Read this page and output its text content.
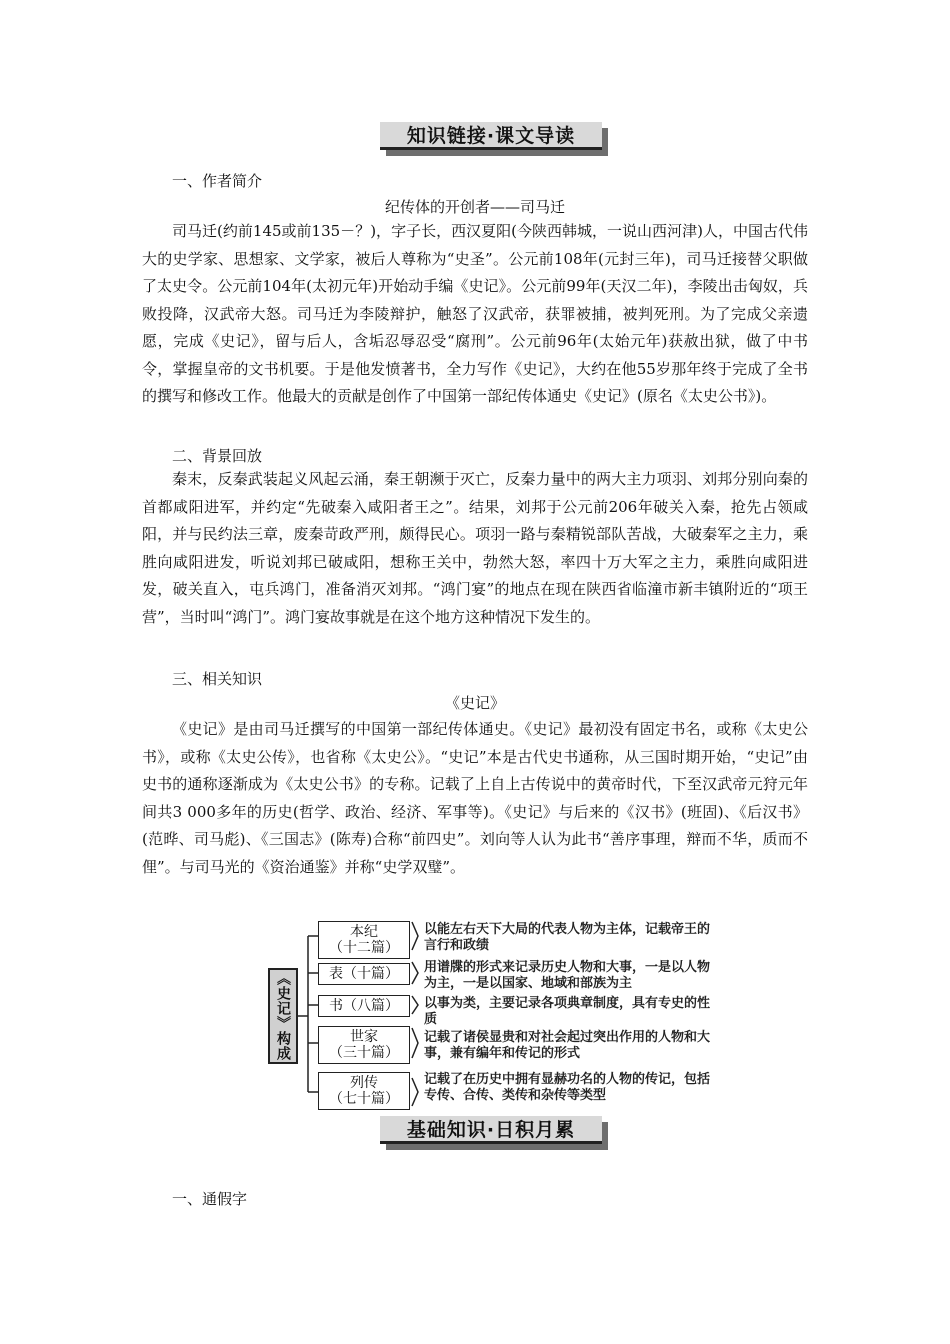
知识链接·课文导读
一、作者简介
纪传体的开创者——司马迁

司马迁(约前145或前135－？)，字子长，西汉夏阳(今陕西韩城，一说山西河津)人，中国古代伟大的史学家、思想家、文学家，被后人尊称为“史圣”。公元前108年(元封三年)，司马迁接替父职做了太史令。公元前104年(太初元年)开始动手编《史记》。公元前99年(天汉二年)，李陵出击匈奴，兵败投降，汉武帝大怒。司马迁为李陵辩护，触怒了汉武帝，获罪被捕，被判死刑。为了完成父亲遗愿，完成《史记》，留与后人，含垢忍辱忍受“腐刑”。公元前96年(太始元年)获赦出狱，做了中书令，掌握皇帝的文书机要。于是他发愤著书，全力写作《史记》，大约在他55岁那年终于完成了全书的撰写和修改工作。他最大的贡献是创作了中国第一部纪传体通史《史记》(原名《太史公书》)。

二、背景回放

秦末，反秦武装起义风起云涌，秦王朝濒于灭亡，反秦力量中的两大主力项羽、刘邦分别向秦的首都咸阳进军，并约定“先破秦入咸阳者王之”。结果，刘邦于公元前206年破关入秦，抢先占领咸阳，并与民约法三章，废秦苛政严刑，颇得民心。项羽一路与秦精锐部队苦战，大破秦军之主力，乘胜向咸阳进发，听说刘邦已破咸阳，想称王关中，勃然大怒，率四十万大军之主力，乘胜向咸阳进发，破关直入，屯兵鸿门，准备消灭刘邦。“鸿门宴”的地点在现在陕西省临潼市新丰镇附近的“项王营”，当时叫“鸿门”。鸿门宴故事就是在这个地方这种情况下发生的。

三、相关知识
《史记》

《史记》是由司马迁撰写的中国第一部纪传体通史。《史记》最初没有固定书名，或称《太史公书》，或称《太史公传》，也省称《太史公》。“史记”本是古代史书通称，从三国时期开始，“史记”由史书的通称逐渐成为《太史公书》的专称。记载了上自上古传说中的黄帝时代，下至汉武帝元狩元年间共3 000多年的历史(哲学、政治、经济、军事等)。《史记》与后来的《汉书》(班固)、《后汉书》(范晔、司马彪)、《三国志》(陈寿)合称“前四史”。刘向等人认为此书“善序事理，辩而不华，质而不俚”。与司马光的《资治通鉴》并称“史学双璧”。

《史记》构成
本纪
（十二篇）
以能左右天下大局的代表人物为主体，记载帝王的言行和政绩
表（十篇）	用谱牒的形式来记录历史人物和大事，一是以人物为主，一是以国家、地域和部族为主
书（八篇）	以事为类，主要记录各项典章制度，具有专史的性质
世家
（三十篇）
记载了诸侯显贵和对社会起过突出作用的人物和大事，兼有编年和传记的形式
列传
（七十篇）
记载了在历史中拥有显赫功名的人物的传记，包括专传、合传、类传和杂传等类型
基础知识·日积月累
一、通假字
